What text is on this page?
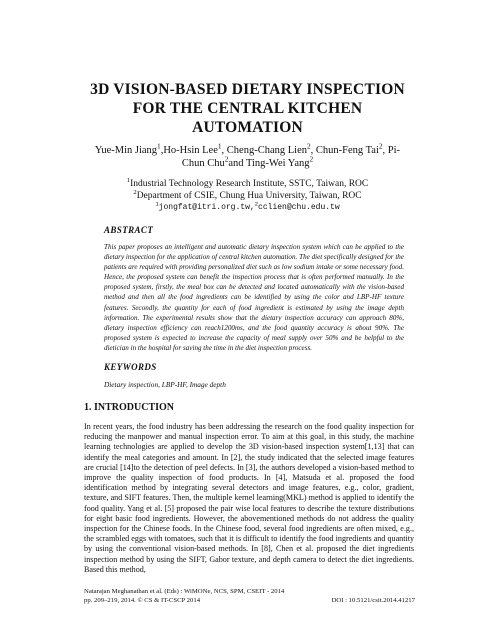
3D VISION-BASED DIETARY INSPECTION
FOR THE CENTRAL KITCHEN
AUTOMATION
Yue-Min Jiang$^1$,Ho-Hsin Lee$^1$, Cheng-Chang Lien$^2$, Chun-Feng Tai$^2$, Pi-
Chun Chu$^2$and Ting-Wei Yang$^2$
$^1$Industrial Technology Research Institute, SSTC, Taiwan, ROC
$^2$Department of CSIE, Chung Hua University, Taiwan, ROC
$^1$jongfat@itri.org.tw,$^2$cclien@chu.edu.tw
ABSTRACT
This paper proposes an intelligent and automatic dietary inspection system which can be applied to the dietary inspection for the application of central kitchen automation. The diet specifically designed for the patients are required with providing personalized diet such as low sodium intake or some necessary food. Hence, the proposed system can benefit the inspection process that is often performed manually. In the proposed system, firstly, the meal box can be detected and located automatically with the vision-based method and then all the food ingredients can be identified by using the color and LBP-HF texture features. Secondly, the quantity for each of food ingredient is estimated by using the image depth information. The experimental results show that the dietary inspection accuracy can approach 80%, dietary inspection efficiency can reach1200ms, and the food quantity accuracy is about 90%. The proposed system is expected to increase the capacity of meal supply over 50% and be helpful to the dietician in the hospital for saving the time in the diet inspection process.
KEYWORDS
Dietary inspection, LBP-HF, Image depth
1. INTRODUCTION
In recent years, the food industry has been addressing the research on the food quality inspection for reducing the manpower and manual inspection error. To aim at this goal, in this study, the machine learning technologies are applied to develop the 3D vision-based inspection system[1,13] that can identify the meal categories and amount. In [2], the study indicated that the selected image features are crucial [14]to the detection of peel defects. In [3], the authors developed a vision-based method to improve the quality inspection of food products. In [4], Matsuda et al. proposed the food identification method by integrating several detectors and image features, e.g., color, gradient, texture, and SIFT features. Then, the multiple kernel learning(MKL) method is applied to identify the food quality. Yang et al. [5] proposed the pair wise local features to describe the texture distributions for eight basic food ingredients. However, the abovementioned methods do not address the quality inspection for the Chinese foods. In the Chinese food, several food ingredients are often mixed, e.g., the scrambled eggs with tomatoes, such that it is difficult to identify the food ingredients and quantity by using the conventional vision-based methods. In [8], Chen et al. proposed the diet ingredients inspection method by using the SIFT, Gabor texture, and depth camera to detect the diet ingredients. Based this method,
Natarajan Meghanathan et al. (Eds) : WiMONe, NCS, SPM, CSEIT - 2014
pp. 209–219, 2014. © CS & IT-CSCP 2014	DOI : 10.5121/csit.2014.41217
